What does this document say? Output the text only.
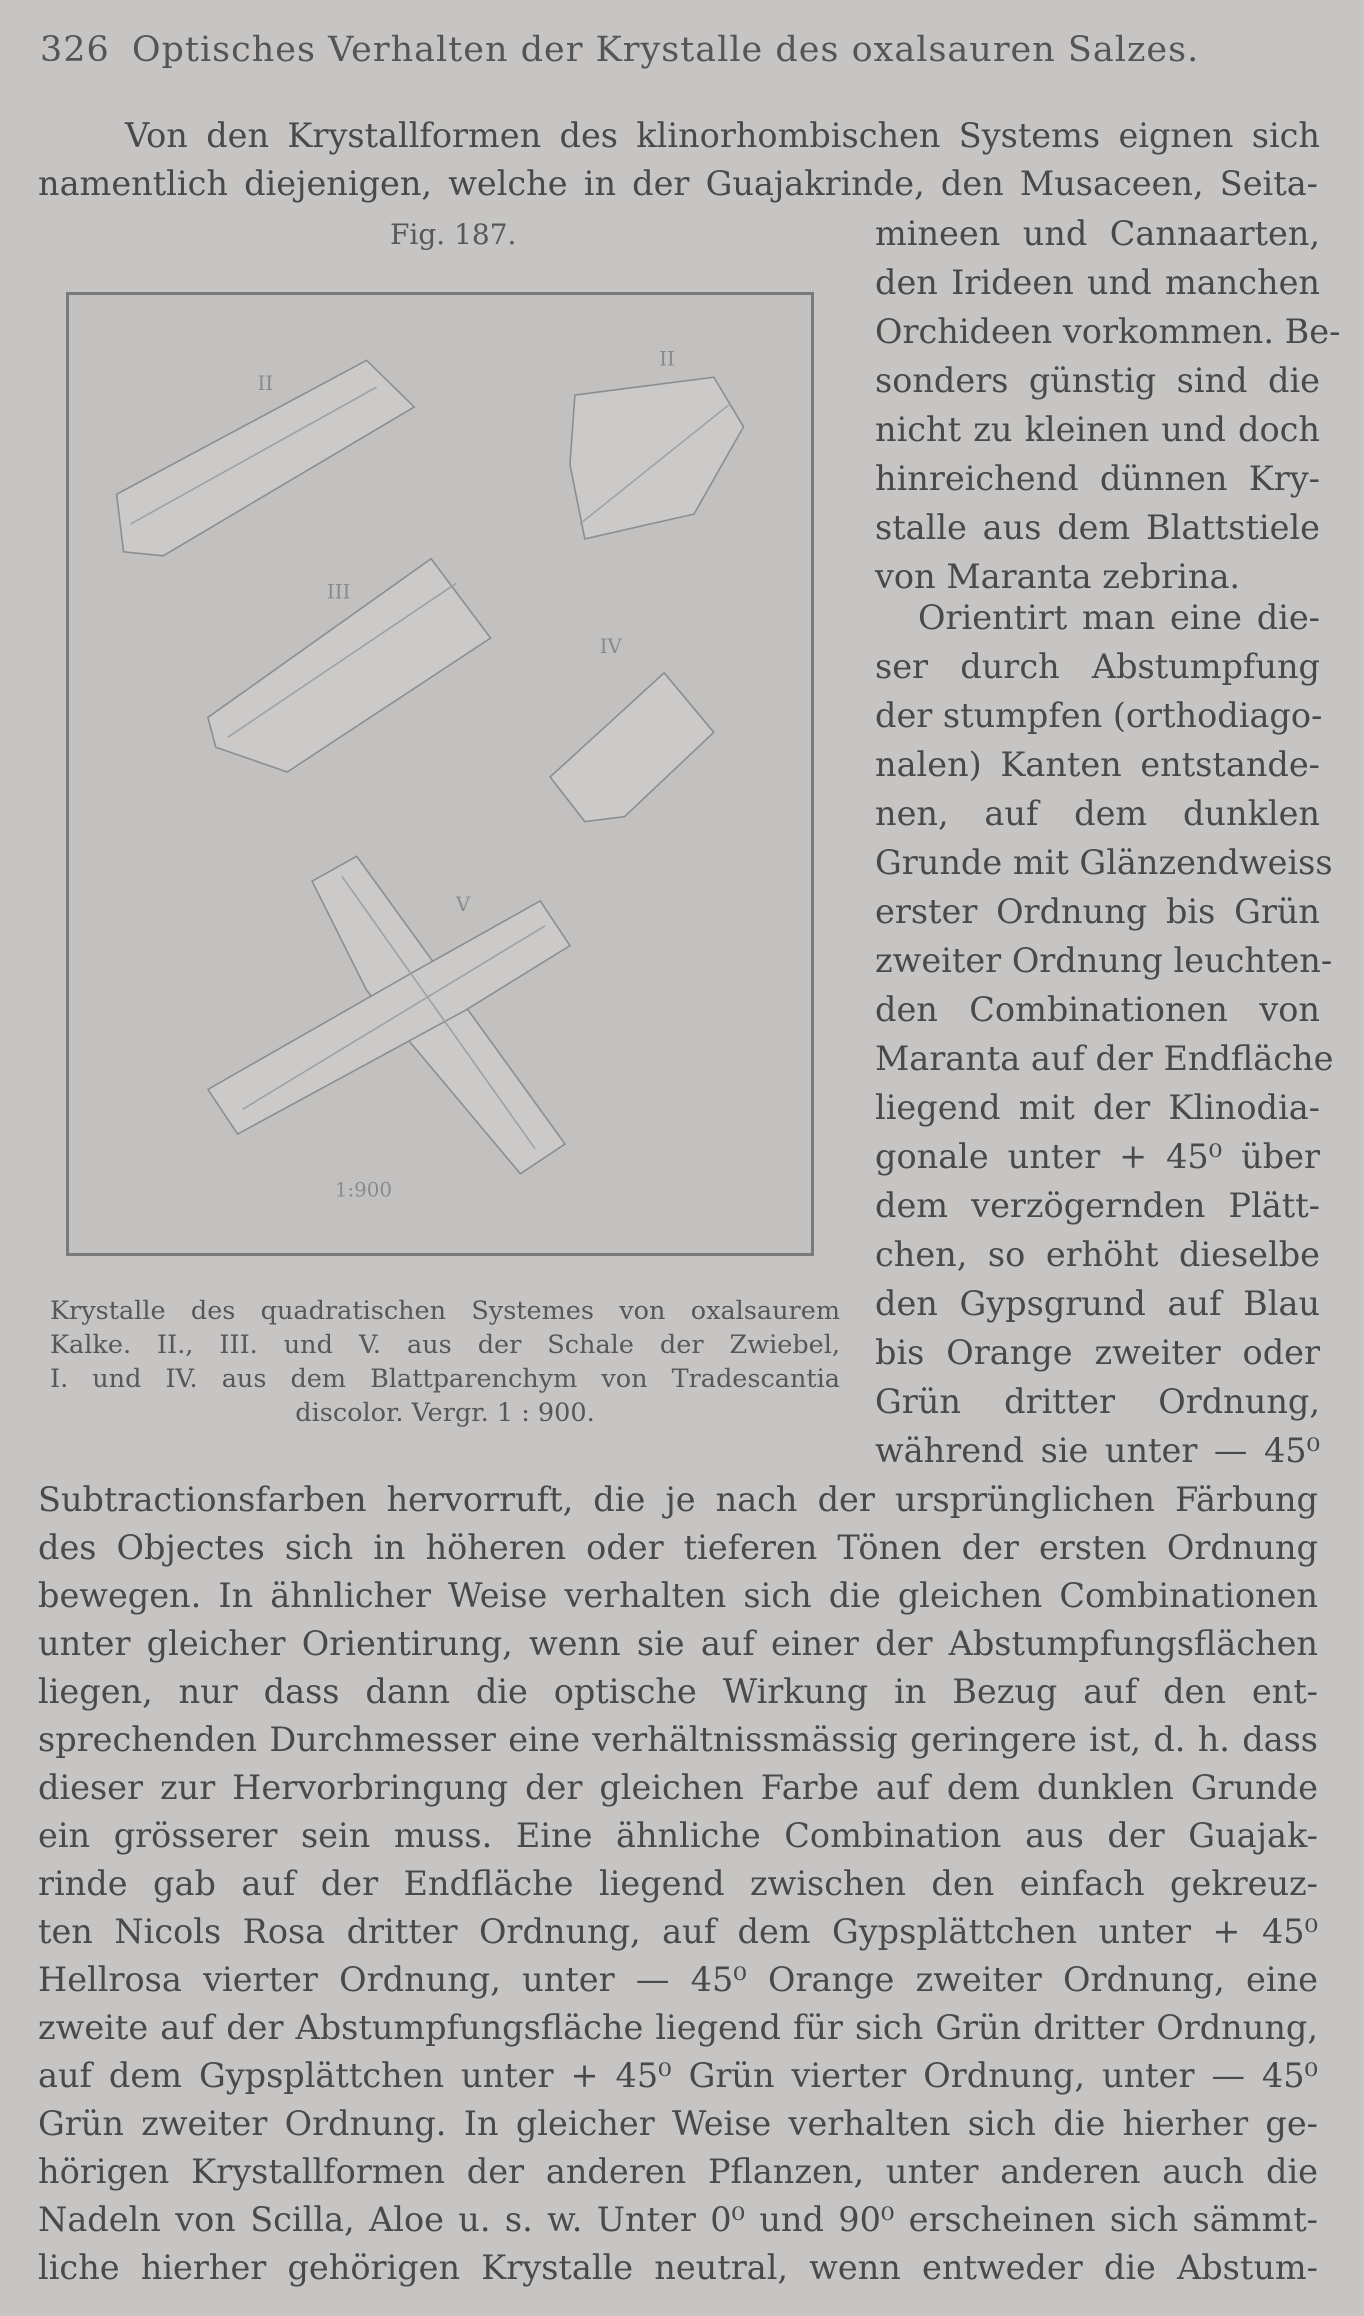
326 Optisches Verhalten der Krystalle des oxalsauren Salzes.
Von den Krystallformen des klinorhombischen Systems eignen sich
namentlich diejenigen, welche in der Guajakrinde, den Musaceen, Seita-
Fig. 187.
II
II
III
IV
V
1:900
Krystalle des quadratischen Systemes von oxalsaurem
Kalke. II., III. und V. aus der Schale der Zwiebel,
I. und IV. aus dem Blattparenchym von Tradescantia
discolor. Vergr. 1 : 900.
mineen und Cannaarten,
den Irideen und manchen
Orchideen vorkommen. Be-
sonders günstig sind die
nicht zu kleinen und doch
hinreichend dünnen Kry-
stalle aus dem Blattstiele
von Maranta zebrina.
Orientirt man eine die-
ser durch Abstumpfung
der stumpfen (orthodiago-
nalen) Kanten entstande-
nen, auf dem dunklen
Grunde mit Glänzendweiss
erster Ordnung bis Grün
zweiter Ordnung leuchten-
den Combinationen von
Maranta auf der Endfläche
liegend mit der Klinodia-
gonale unter + 45⁰ über
dem verzögernden Plätt-
chen, so erhöht dieselbe
den Gypsgrund auf Blau
bis Orange zweiter oder
Grün dritter Ordnung,
während sie unter — 45⁰
Subtractionsfarben hervorruft, die je nach der ursprünglichen Färbung
des Objectes sich in höheren oder tieferen Tönen der ersten Ordnung
bewegen. In ähnlicher Weise verhalten sich die gleichen Combinationen
unter gleicher Orientirung, wenn sie auf einer der Abstumpfungsflächen
liegen, nur dass dann die optische Wirkung in Bezug auf den ent-
sprechenden Durchmesser eine verhältnissmässig geringere ist, d. h. dass
dieser zur Hervorbringung der gleichen Farbe auf dem dunklen Grunde
ein grösserer sein muss. Eine ähnliche Combination aus der Guajak-
rinde gab auf der Endfläche liegend zwischen den einfach gekreuz-
ten Nicols Rosa dritter Ordnung, auf dem Gypsplättchen unter + 45⁰
Hellrosa vierter Ordnung, unter — 45⁰ Orange zweiter Ordnung, eine
zweite auf der Abstumpfungsfläche liegend für sich Grün dritter Ordnung,
auf dem Gypsplättchen unter + 45⁰ Grün vierter Ordnung, unter — 45⁰
Grün zweiter Ordnung. In gleicher Weise verhalten sich die hierher ge-
hörigen Krystallformen der anderen Pflanzen, unter anderen auch die
Nadeln von Scilla, Aloe u. s. w. Unter 0⁰ und 90⁰ erscheinen sich sämmt-
liche hierher gehörigen Krystalle neutral, wenn entweder die Abstum-
